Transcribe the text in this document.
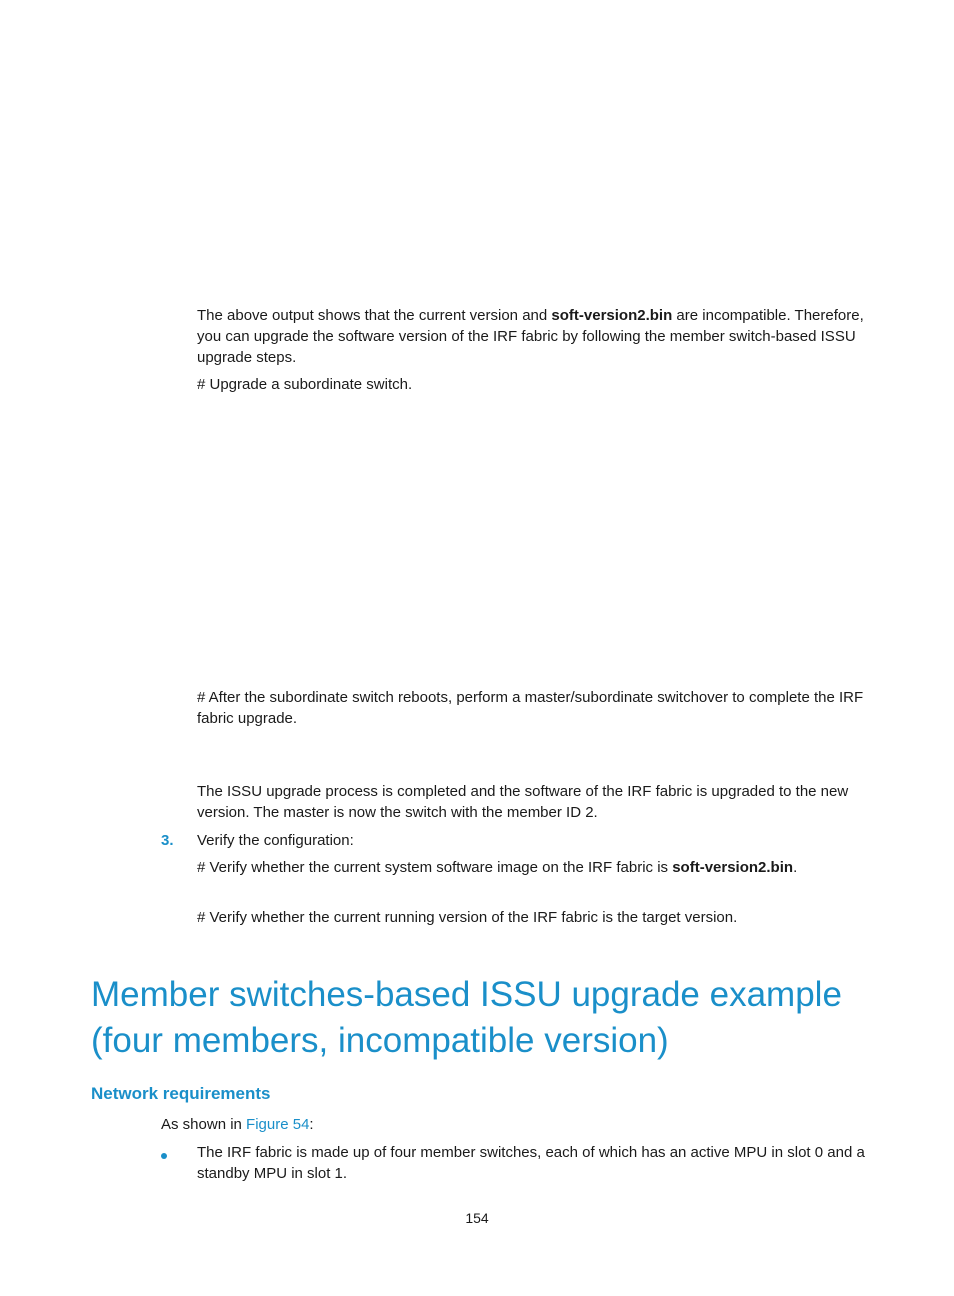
The above output shows that the current version and soft-version2.bin are incompatible. Therefore, you can upgrade the software version of the IRF fabric by following the member switch-based ISSU upgrade steps.

# Upgrade a subordinate switch.

# After the subordinate switch reboots, perform a master/subordinate switchover to complete the IRF fabric upgrade.

The ISSU upgrade process is completed and the software of the IRF fabric is upgraded to the new version. The master is now the switch with the member ID 2.

3. Verify the configuration:

# Verify whether the current system software image on the IRF fabric is soft-version2.bin.

# Verify whether the current running version of the IRF fabric is the target version.

Member switches-based ISSU upgrade example (four members, incompatible version)
Network requirements

As shown in Figure 54:

The IRF fabric is made up of four member switches, each of which has an active MPU in slot 0 and a standby MPU in slot 1.

154
